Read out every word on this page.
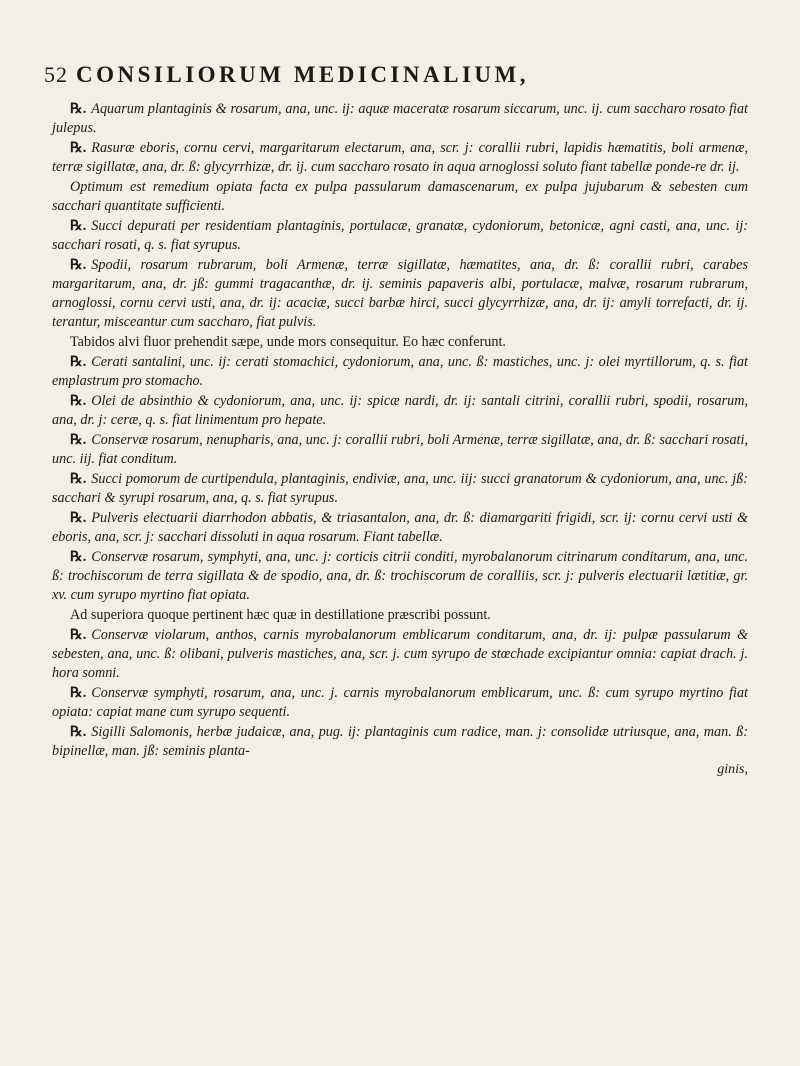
52 CONSILIORUM MEDICINALIUM,

℞. Aquarum plantaginis & rosarum, ana, unc. ij: aquæ maceratæ rosarum siccarum, unc. ij. cum saccharo rosato fiat julepus.

℞. Rasuræ eboris, cornu cervi, margaritarum electarum, ana, scr. j: corallii rubri, lapidis hæmatitis, boli armenæ, terræ sigillatæ, ana, dr. ß: glycyrrhizæ, dr. ij. cum saccharo rosato in aqua arnoglossi soluto fiant tabellæ ponde-re dr. ij.

Optimum est remedium opiata facta ex pulpa passularum damascenarum, ex pulpa jujubarum & sebesten cum sacchari quantitate sufficienti.

℞. Succi depurati per residentiam plantaginis, portulacæ, granatæ, cydoniorum, betonicæ, agni casti, ana, unc. ij: sacchari rosati, q. s. fiat syrupus.

℞. Spodii, rosarum rubrarum, boli Armenæ, terræ sigillatæ, hæmatites, ana, dr. ß: corallii rubri, carabes margaritarum, ana, dr. jß: gummi tragacanthæ, dr. ij. seminis papaveris albi, portulacæ, malvæ, rosarum rubrarum, arnoglossi, cornu cervi usti, ana, dr. ij: acaciæ, succi barbæ hirci, succi glycyrrhizæ, ana, dr. ij: amyli torrefacti, dr. ij. terantur, misceantur cum saccharo, fiat pulvis.

Tabidos alvi fluor prehendit sæpe, unde mors consequitur. Eo hæc conferunt.

℞. Cerati santalini, unc. ij: cerati stomachici, cydoniorum, ana, unc. ß: mastiches, unc. j: olei myrtillorum, q. s. fiat emplastrum pro stomacho.

℞. Olei de absinthio & cydoniorum, ana, unc. ij: spicæ nardi, dr. ij: santali citrini, corallii rubri, spodii, rosarum, ana, dr. j: ceræ, q. s. fiat linimentum pro hepate.

℞. Conservæ rosarum, nenupharis, ana, unc. j: corallii rubri, boli Armenæ, terræ sigillatæ, ana, dr. ß: sacchari rosati, unc. iij. fiat conditum.

℞. Succi pomorum de curtipendula, plantaginis, endiviæ, ana, unc. iij: succi granatorum & cydoniorum, ana, unc. jß: sacchari & syrupi rosarum, ana, q. s. fiat syrupus.

℞. Pulveris electuarii diarrhodon abbatis, & triasantalon, ana, dr. ß: diamargariti frigidi, scr. ij: cornu cervi usti & eboris, ana, scr. j: sacchari dissoluti in aqua rosarum. Fiant tabellæ.

℞. Conservæ rosarum, symphyti, ana, unc. j: corticis citrii conditi, myrobalanorum citrinarum conditarum, ana, unc. ß: trochiscorum de terra sigillata & de spodio, ana, dr. ß: trochiscorum de coralliis, scr. j: pulveris electuarii lætitiæ, gr. xv. cum syrupo myrtino fiat opiata.

Ad superiora quoque pertinent hæc quæ in destillatione præscribi possunt.

℞. Conservæ violarum, anthos, carnis myrobalanorum emblicarum conditarum, ana, dr. ij: pulpæ passularum & sebesten, ana, unc. ß: olibani, pulveris mastiches, ana, scr. j. cum syrupo de stœchade excipiantur omnia: capiat drach. j. hora somni.

℞. Conservæ symphyti, rosarum, ana, unc. j. carnis myrobalanorum emblicarum, unc. ß: cum syrupo myrtino fiat opiata: capiat mane cum syrupo sequenti.

℞. Sigilli Salomonis, herbæ judaicæ, ana, pug. ij: plantaginis cum radice, man. j: consolidæ utriusque, ana, man. ß: bipinellæ, man. jß: seminis planta-

ginis,
